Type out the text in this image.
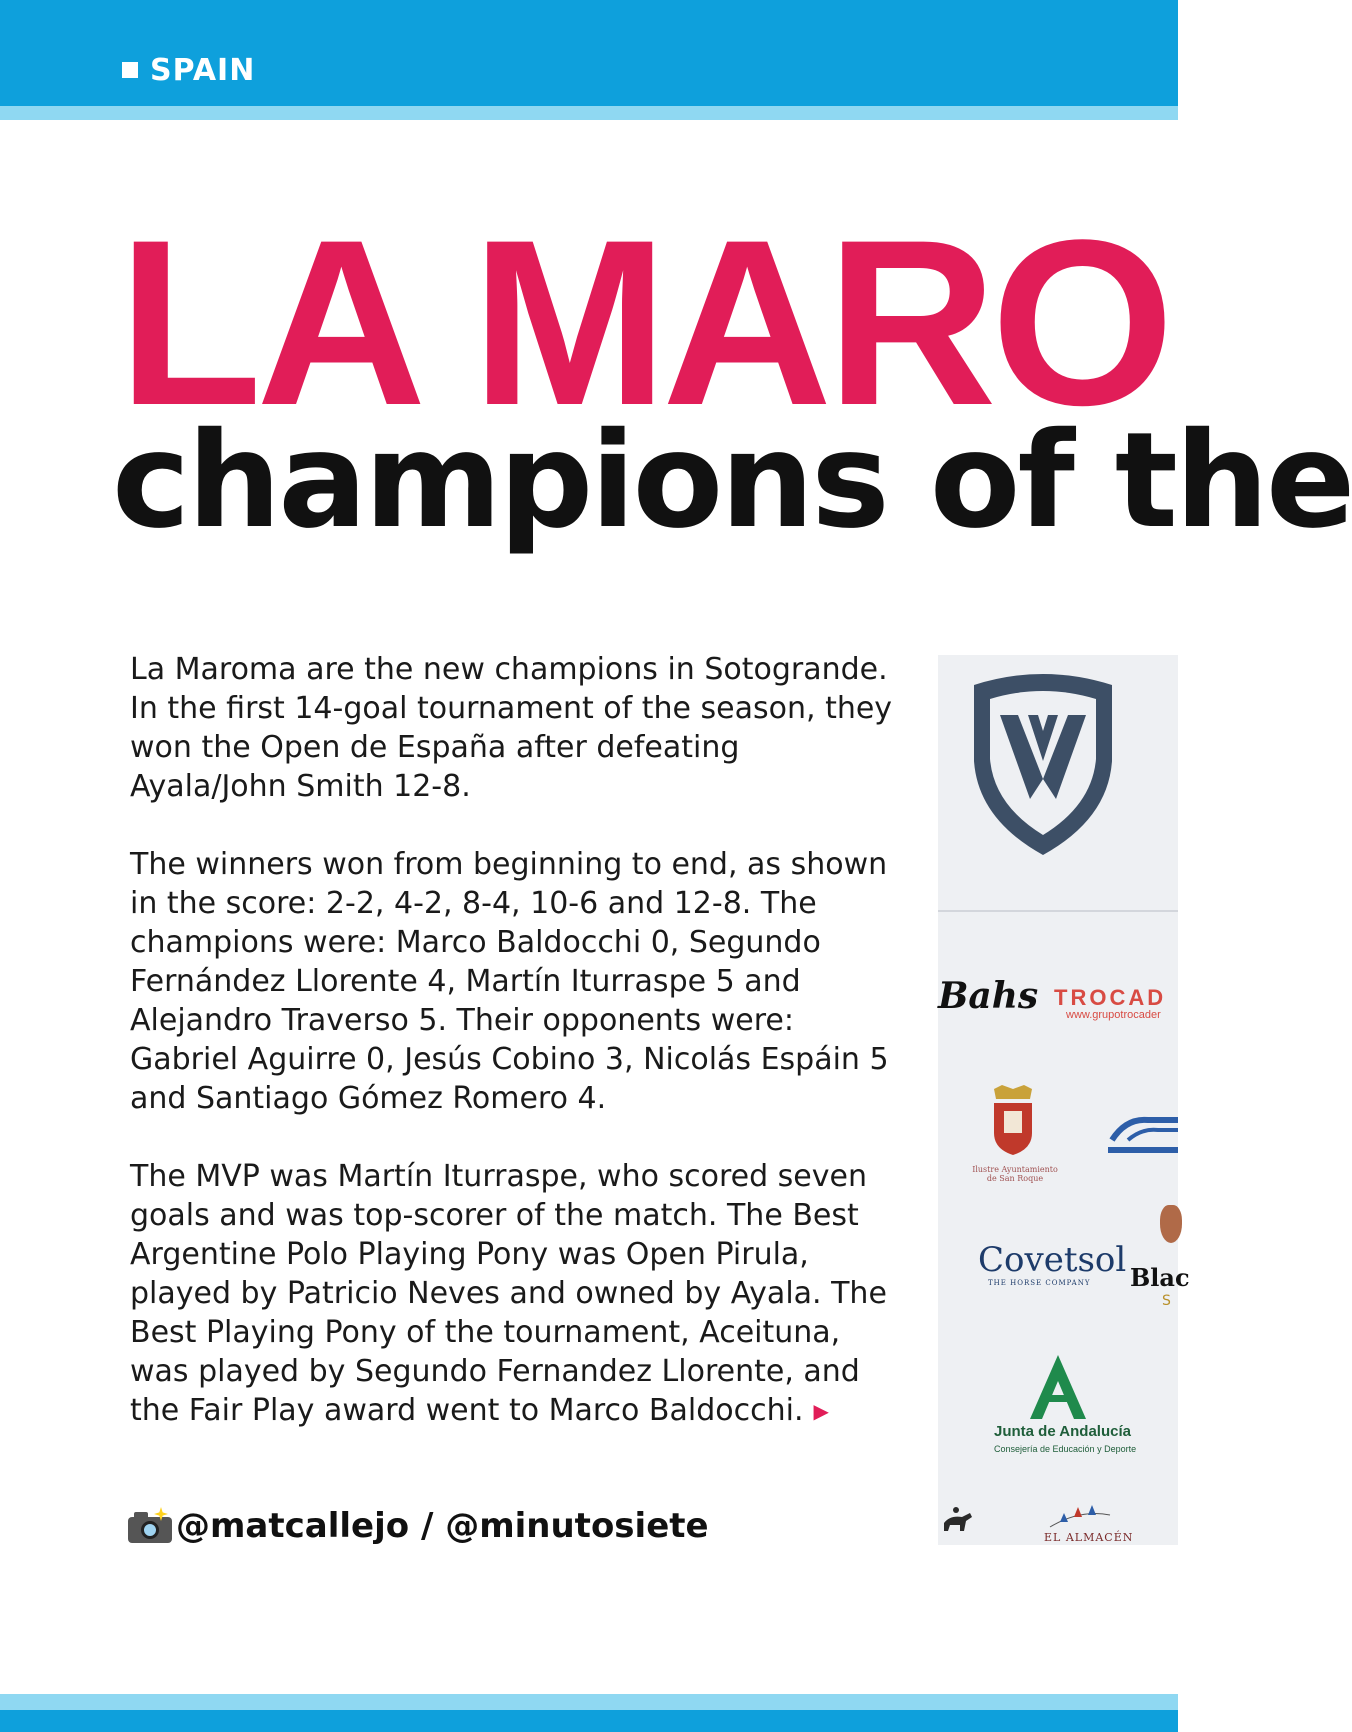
SPAIN
LA MARO
champions of the

La Maroma are the new champions in Sotogrande. In the first 14-goal tournament of the season, they won the Open de España after defeating Ayala/John Smith 12-8.

The winners won from beginning to end, as shown in the score: 2-2, 4-2, 8-4, 10-6 and 12-8. The champions were: Marco Baldocchi 0, Segundo Fernández Llorente 4, Martín Iturraspe 5 and Alejandro Traverso 5. Their opponents were: Gabriel Aguirre 0, Jesús Cobino 3, Nicolás Espáin 5 and Santiago Gómez Romero 4.

The MVP was Martín Iturraspe, who scored seven goals and was top-scorer of the match. The Best Argentine Polo Playing Pony was Open Pirula, played by Patricio Neves and owned by Ayala. The Best Playing Pony of the tournament, Aceituna, was played by Segundo Fernandez Llorente, and the Fair Play award went to Marco Baldocchi. ▶

@matcallejo / @minutosiete
Bahs TROCAD
www.grupotrocader
Ilustre Ayuntamiento de San Roque
Covetsol
THE HORSE COMPANY Blac
S
Junta de Andalucía
Consejería de Educación y Deporte
EL ALMACÉN
